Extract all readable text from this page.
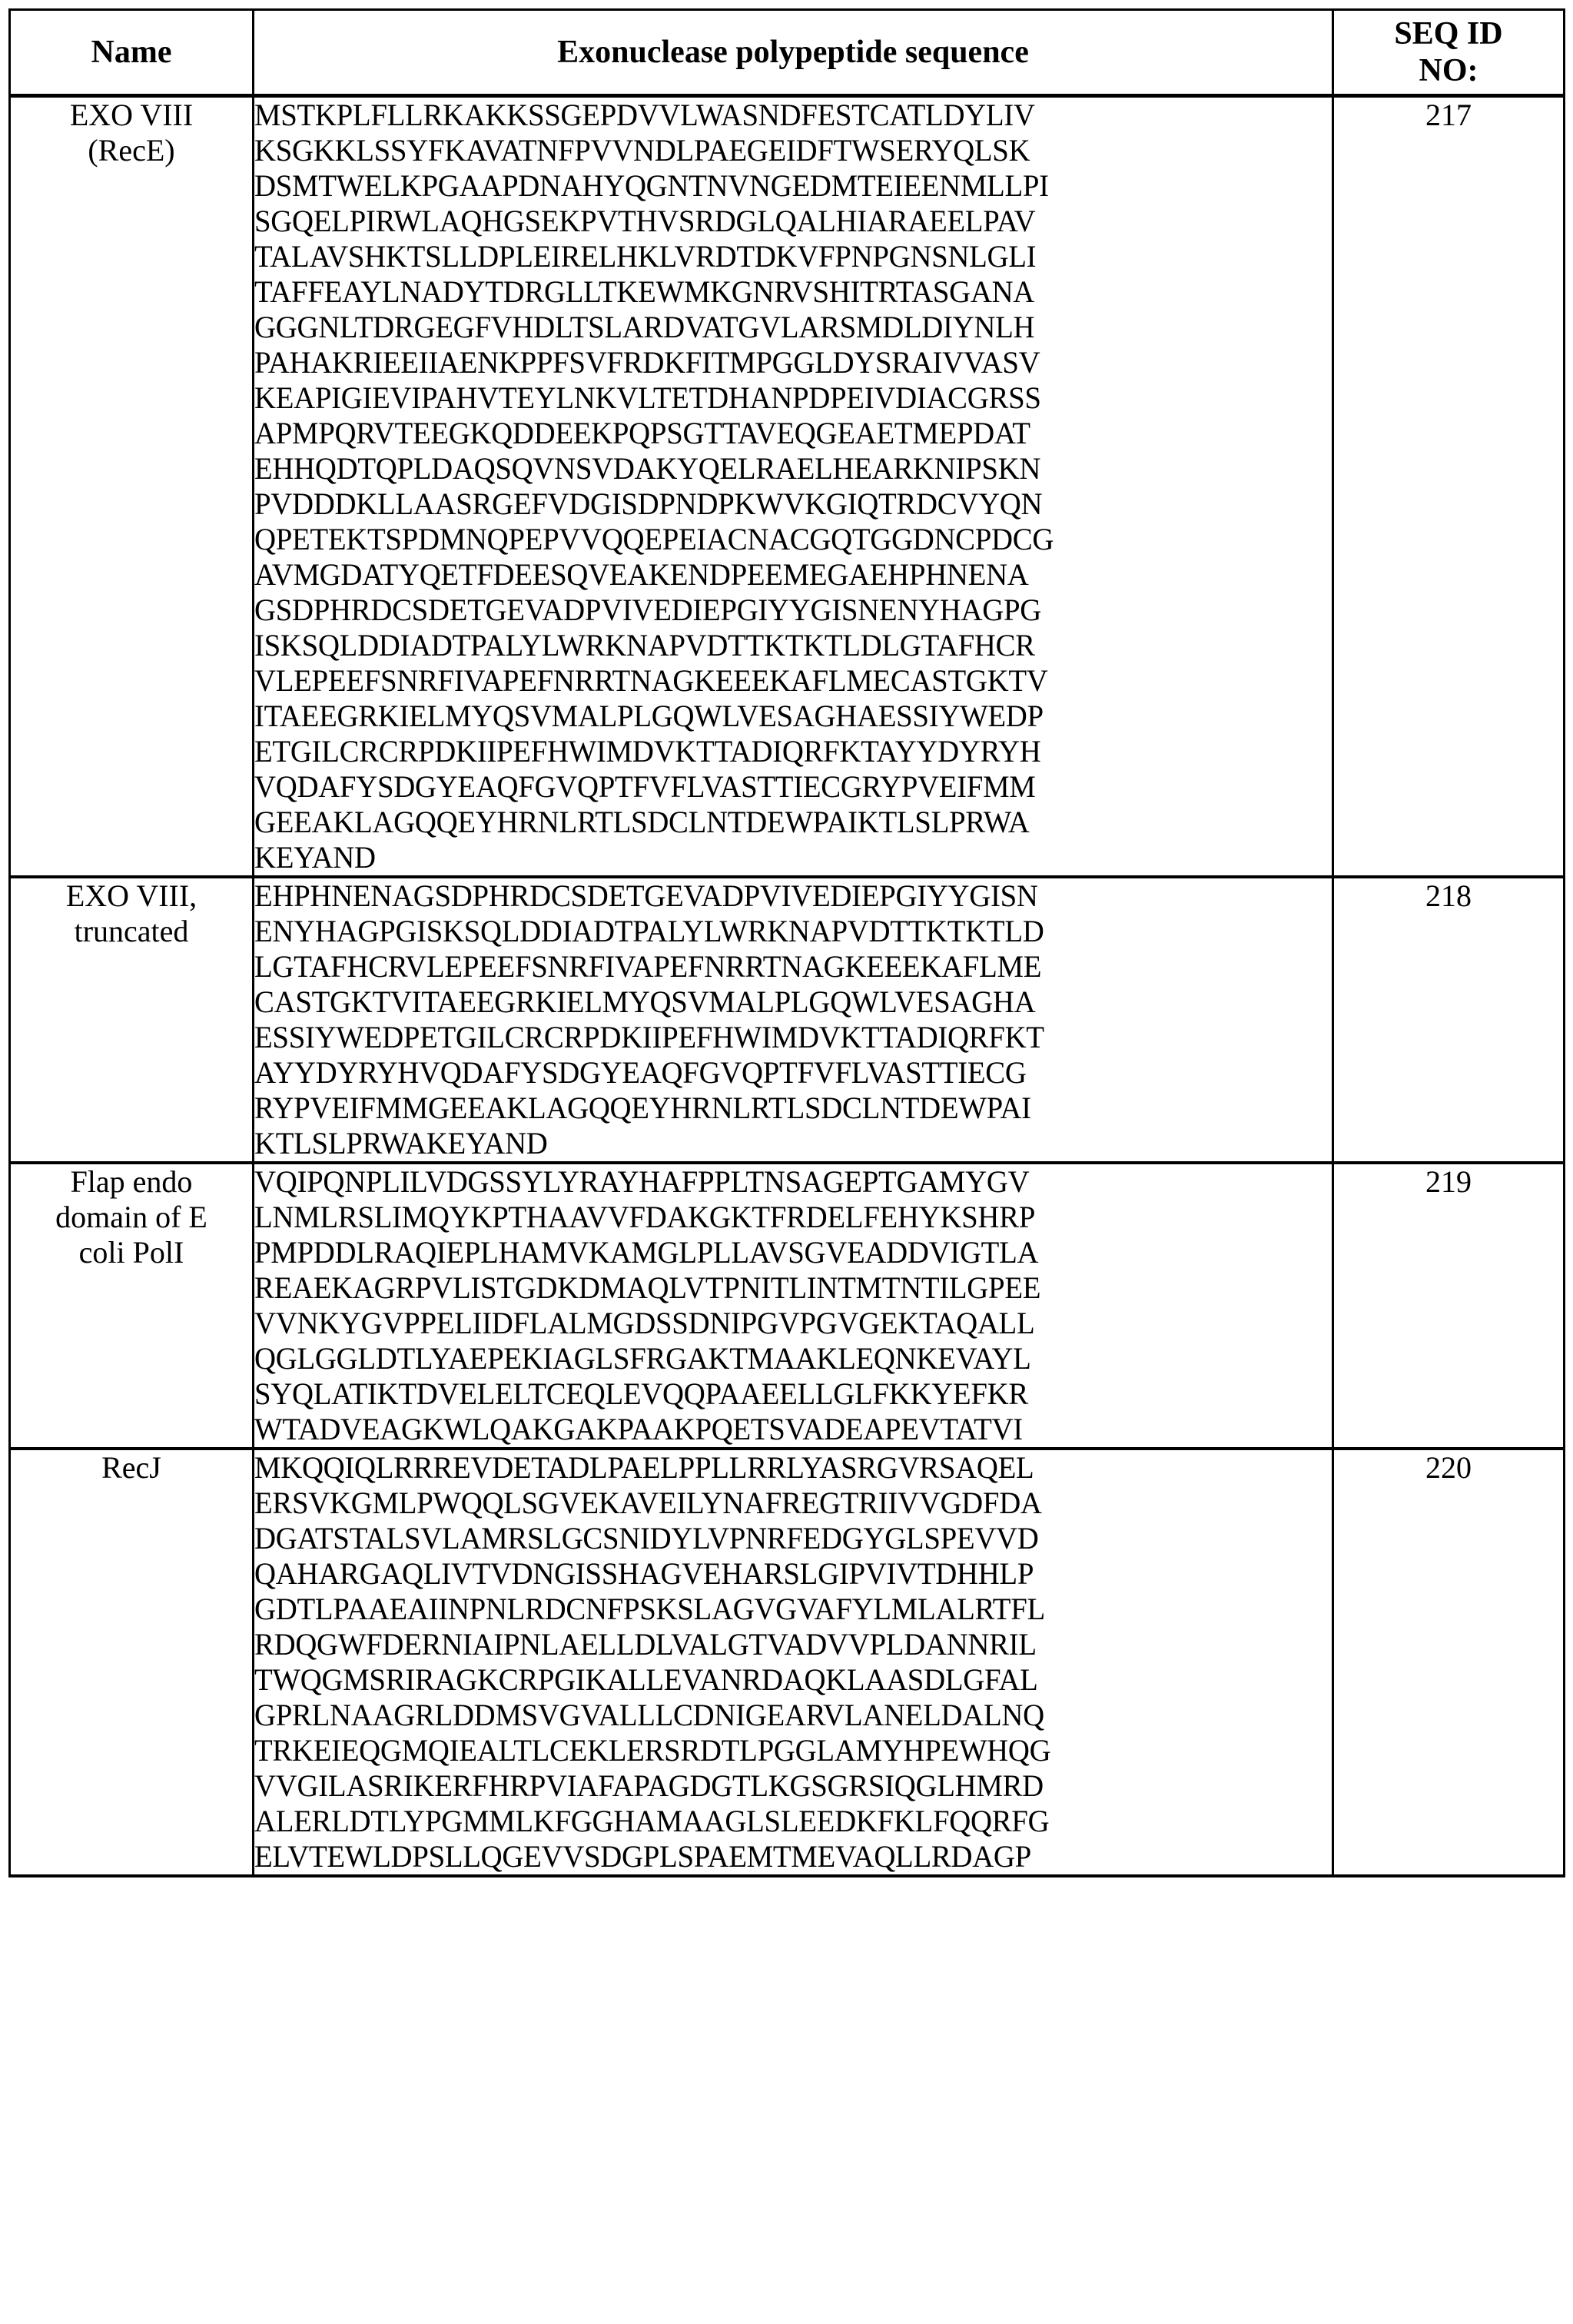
Name	Exonuclease polypeptide sequence	SEQ ID
NO:

EXO VIII
(RecE)

MSTKPLFLLRKAKKSSGEPDVVLWASNDFESTCATLDYLIV
KSGKKLSSYFKAVATNFPVVNDLPAEGEIDFTWSERYQLSK
DSMTWELKPGAAPDNAHYQGNTNVNGEDMTEIEENMLLPI
SGQELPIRWLAQHGSEKPVTHVSRDGLQALHIARAEELPAV
TALAVSHKTSLLDPLEIRELHKLVRDTDKVFPNPGNSNLGLI
TAFFEAYLNADYTDRGLLTKEWMKGNRVSHITRTASGANA
GGGNLTDRGEGFVHDLTSLARDVATGVLARSMDLDIYNLH
PAHAKRIEEIIAENKPPFSVFRDKFITMPGGLDYSRAIVVASV
KEAPIGIEVIPAHVTEYLNKVLTETDHANPDPEIVDIACGRSS
APMPQRVTEEGKQDDEEKPQPSGTTAVEQGEAETMEPDAT
EHHQDTQPLDAQSQVNSVDAKYQELRAELHEARKNIPSKN
PVDDDKLLAASRGEFVDGISDPNDPKWVKGIQTRDCVYQN
QPETEKTSPDMNQPEPVVQQEPEIACNACGQTGGDNCPDCG
AVMGDATYQETFDEESQVEAKENDPEEMEGAEHPHNENA
GSDPHRDCSDETGEVADPVIVEDIEPGIYYGISNENYHAGPG
ISKSQLDDIADTPALYLWRKNAPVDTTKTKTLDLGTAFHCR
VLEPEEFSNRFIVAPEFNRRTNAGKEEEKAFLMECASTGKTV
ITAEEGRKIELMYQSVMALPLGQWLVESAGHAESSIYWEDP
ETGILCRCRPDKIIPEFHWIMDVKTTADIQRFKTAYYDYRYH
VQDAFYSDGYEAQFGVQPTFVFLVASTTIECGRYPVEIFMM
GEEAKLAGQQEYHRNLRTLSDCLNTDEWPAIKTLSLPRWA
KEYAND
	217

EXO VIII,
truncated

EHPHNENAGSDPHRDCSDETGEVADPVIVEDIEPGIYYGISN
ENYHAGPGISKSQLDDIADTPALYLWRKNAPVDTTKTKTLD
LGTAFHCRVLEPEEFSNRFIVAPEFNRRTNAGKEEEKAFLME
CASTGKTVITAEEGRKIELMYQSVMALPLGQWLVESAGHA
ESSIYWEDPETGILCRCRPDKIIPEFHWIMDVKTTADIQRFKT
AYYDYRYHVQDAFYSDGYEAQFGVQPTFVFLVASTTIECG
RYPVEIFMMGEEAKLAGQQEYHRNLRTLSDCLNTDEWPAI
KTLSLPRWAKEYAND
	218

Flap endo
domain of E
coli PolI

VQIPQNPLILVDGSSYLYRAYHAFPPLTNSAGEPTGAMYGV
LNMLRSLIMQYKPTHAAVVFDAKGKTFRDELFEHYKSHRP
PMPDDLRAQIEPLHAMVKAMGLPLLAVSGVEADDVIGTLA
REAEKAGRPVLISTGDKDMAQLVTPNITLINTMTNTILGPEE
VVNKYGVPPELIIDFLALMGDSSDNIPGVPGVGEKTAQALL
QGLGGLDTLYAEPEKIAGLSFRGAKTMAAKLEQNKEVAYL
SYQLATIKTDVELELTCEQLEVQQPAAEELLGLFKKYEFKR
WTADVEAGKWLQAKGAKPAAKPQETSVADEAPEVTATVI
	219

RecJ	MKQQIQLRRREVDETADLPAELPPLLRRLYASRGVRSAQEL
ERSVKGMLPWQQLSGVEKAVEILYNAFREGTRIIVVGDFDA
DGATSTALSVLAMRSLGCSNIDYLVPNRFEDGYGLSPEVVD
QAHARGAQLIVTVDNGISSHAGVEHARSLGIPVIVTDHHLP
GDTLPAAEAIINPNLRDCNFPSKSLAGVGVAFYLMLALRTFL
RDQGWFDERNIAIPNLAELLDLVALGTVADVVPLDANNRIL
TWQGMSRIRAGKCRPGIKALLEVANRDAQKLAASDLGFAL
GPRLNAAGRLDDMSVGVALLLCDNIGEARVLANELDALNQ
TRKEIEQGMQIEALTLCEKLERSRDTLPGGLAMYHPEWHQG
VVGILASRIKERFHRPVIAFAPAGDGTLKGSGRSIQGLHMRD
ALERLDTLYPGMMLKFGGHAMAAGLSLEEDKFKLFQQRFG
ELVTEWLDPSLLQGEVVSDGPLSPAEMTMEVAQLLRDAGP
	220
